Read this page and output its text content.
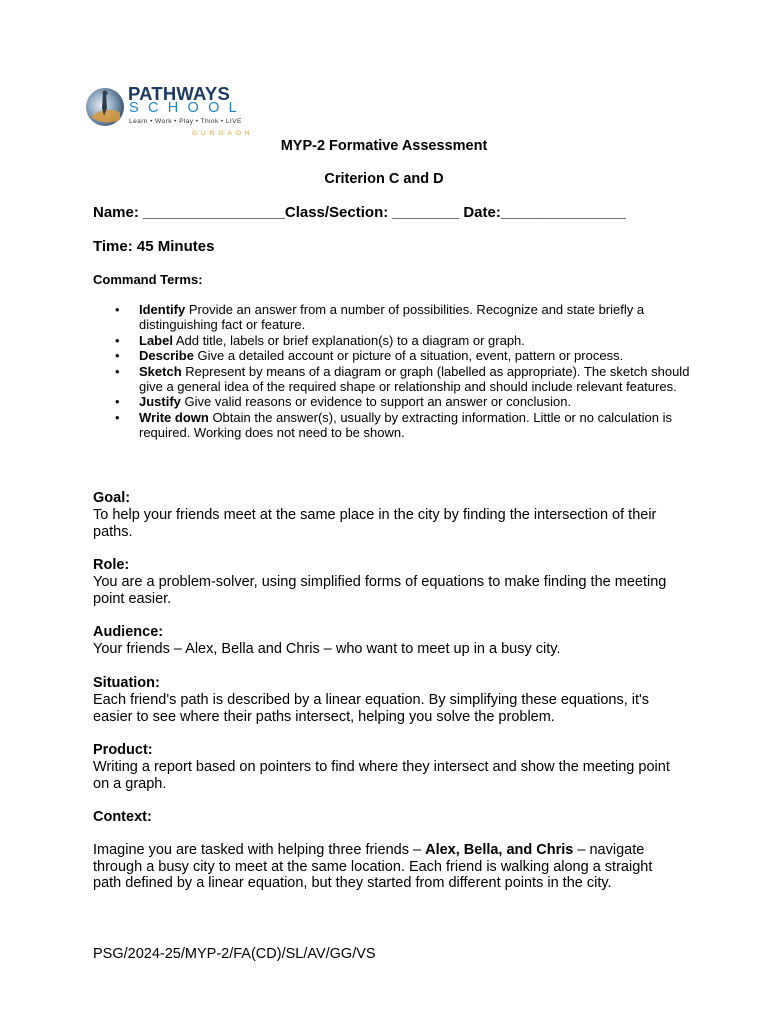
PATHWAYS
SCHOOL
Learn • Work • Play • Think • LIVE
GURGAON
MYP-2 Formative Assessment
Criterion C and D
Name: _________________Class/Section: ________ Date:_______________
Time: 45 Minutes
Command Terms:
• Identify Provide an answer from a number of possibilities. Recognize and state briefly a distinguishing fact or feature.
• Label Add title, labels or brief explanation(s) to a diagram or graph.
• Describe Give a detailed account or picture of a situation, event, pattern or process.
• Sketch Represent by means of a diagram or graph (labelled as appropriate). The sketch should give a general idea of the required shape or relationship and should include relevant features.
• Justify Give valid reasons or evidence to support an answer or conclusion.
• Write down Obtain the answer(s), usually by extracting information. Little or no calculation is required. Working does not need to be shown.
Goal:
To help your friends meet at the same place in the city by finding the intersection of their paths.
Role:
You are a problem-solver, using simplified forms of equations to make finding the meeting point easier.
Audience:
Your friends – Alex, Bella and Chris – who want to meet up in a busy city.
Situation:
Each friend's path is described by a linear equation. By simplifying these equations, it's easier to see where their paths intersect, helping you solve the problem.
Product:
Writing a report based on pointers to find where they intersect and show the meeting point on a graph.
Context:
Imagine you are tasked with helping three friends – Alex, Bella, and Chris – navigate through a busy city to meet at the same location. Each friend is walking along a straight path defined by a linear equation, but they started from different points in the city.
PSG/2024-25/MYP-2/FA(CD)/SL/AV/GG/VS
